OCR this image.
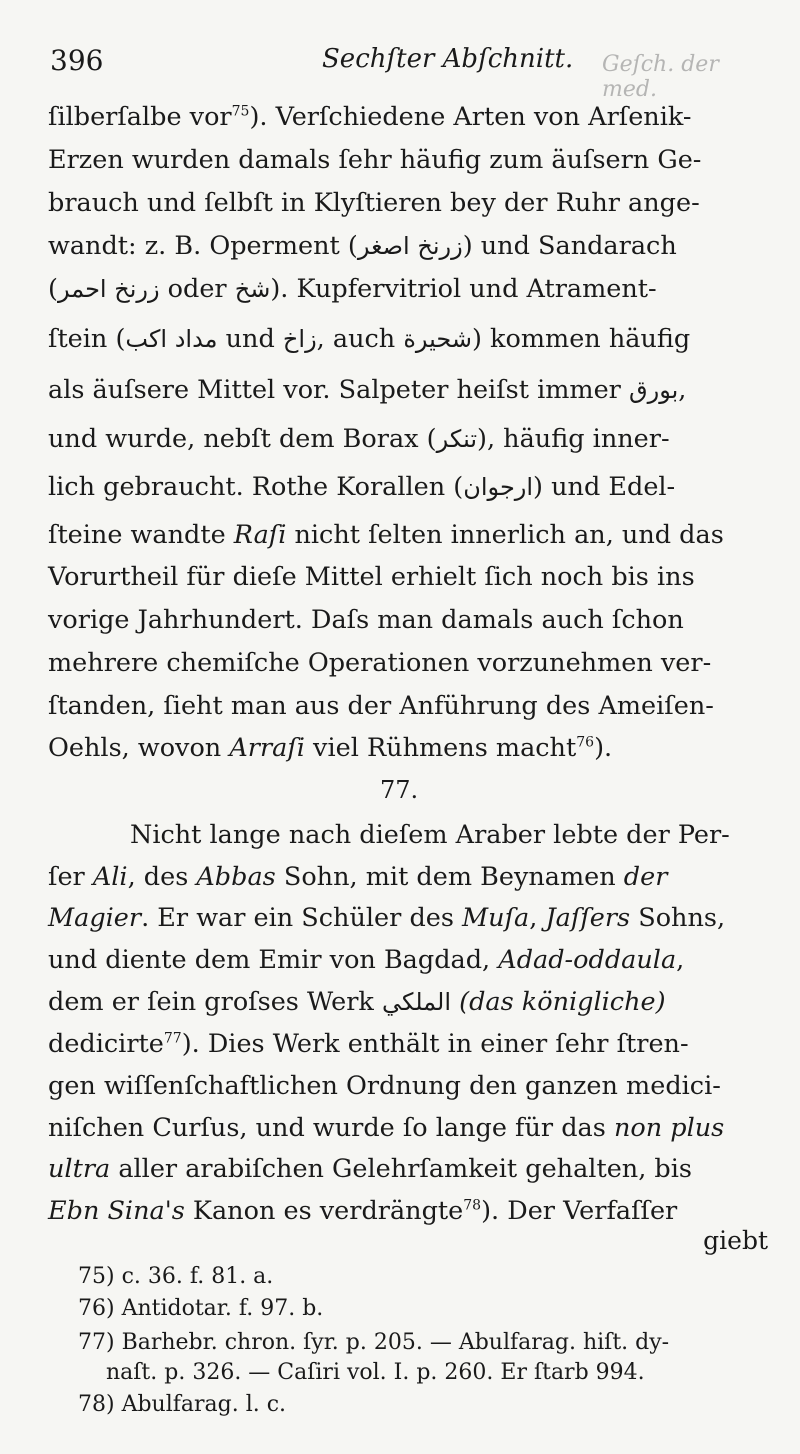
396	Sechſter Abſchnitt. Geſch. der med.
ſilberſalbe vor$^{75}$). Verſchiedene Arten von Arſenik-
Erzen wurden damals ſehr häufig zum äuſsern Ge-
brauch und ſelbſt in Klyſtieren bey der Ruhr ange-
wandt: z. B. Operment (زرنخ اصغر) und Sandarach
(زرنخ احمر oder شخ). Kupfervitriol und Atrament-
ſtein (مداد اكب und زاخ, auch شحيرة) kommen häufig
als äuſsere Mittel vor. Salpeter heiſst immer بورق,
und wurde, nebſt dem Borax (تنكر), häufig inner-
lich gebraucht. Rothe Korallen (ارجوان) und Edel-
ſteine wandte Raſi nicht ſelten innerlich an, und das
Vorurtheil für dieſe Mittel erhielt ſich noch bis ins
vorige Jahrhundert. Daſs man damals auch ſchon
mehrere chemiſche Operationen vorzunehmen ver-
ſtanden, ſieht man aus der Anführung des Ameiſen-
Oehls, wovon Arraſi viel Rühmens macht$^{76}$).
77.
Nicht lange nach dieſem Araber lebte der Per-
ſer Ali, des Abbas Sohn, mit dem Beynamen der
Magier. Er war ein Schüler des Muſa, Jaſſers Sohns,
und diente dem Emir von Bagdad, Adad-oddaula,
dem er ſein groſses Werk الملكي (das königliche)
dedicirte$^{77}$). Dies Werk enthält in einer ſehr ſtren-
gen wiſſenſchaftlichen Ordnung den ganzen medici-
niſchen Curſus, und wurde ſo lange für das non plus
ultra aller arabiſchen Gelehrſamkeit gehalten, bis
Ebn Sina's Kanon es verdrängte$^{78}$). Der Verfaſſer
giebt
75) c. 36. f. 81. a.
76) Antidotar. f. 97. b.
77) Barhebr. chron. ſyr. p. 205. — Abulfarag. hiſt. dy-
naſt. p. 326. — Caſiri vol. I. p. 260. Er ſtarb 994.
78) Abulfarag. l. c.
